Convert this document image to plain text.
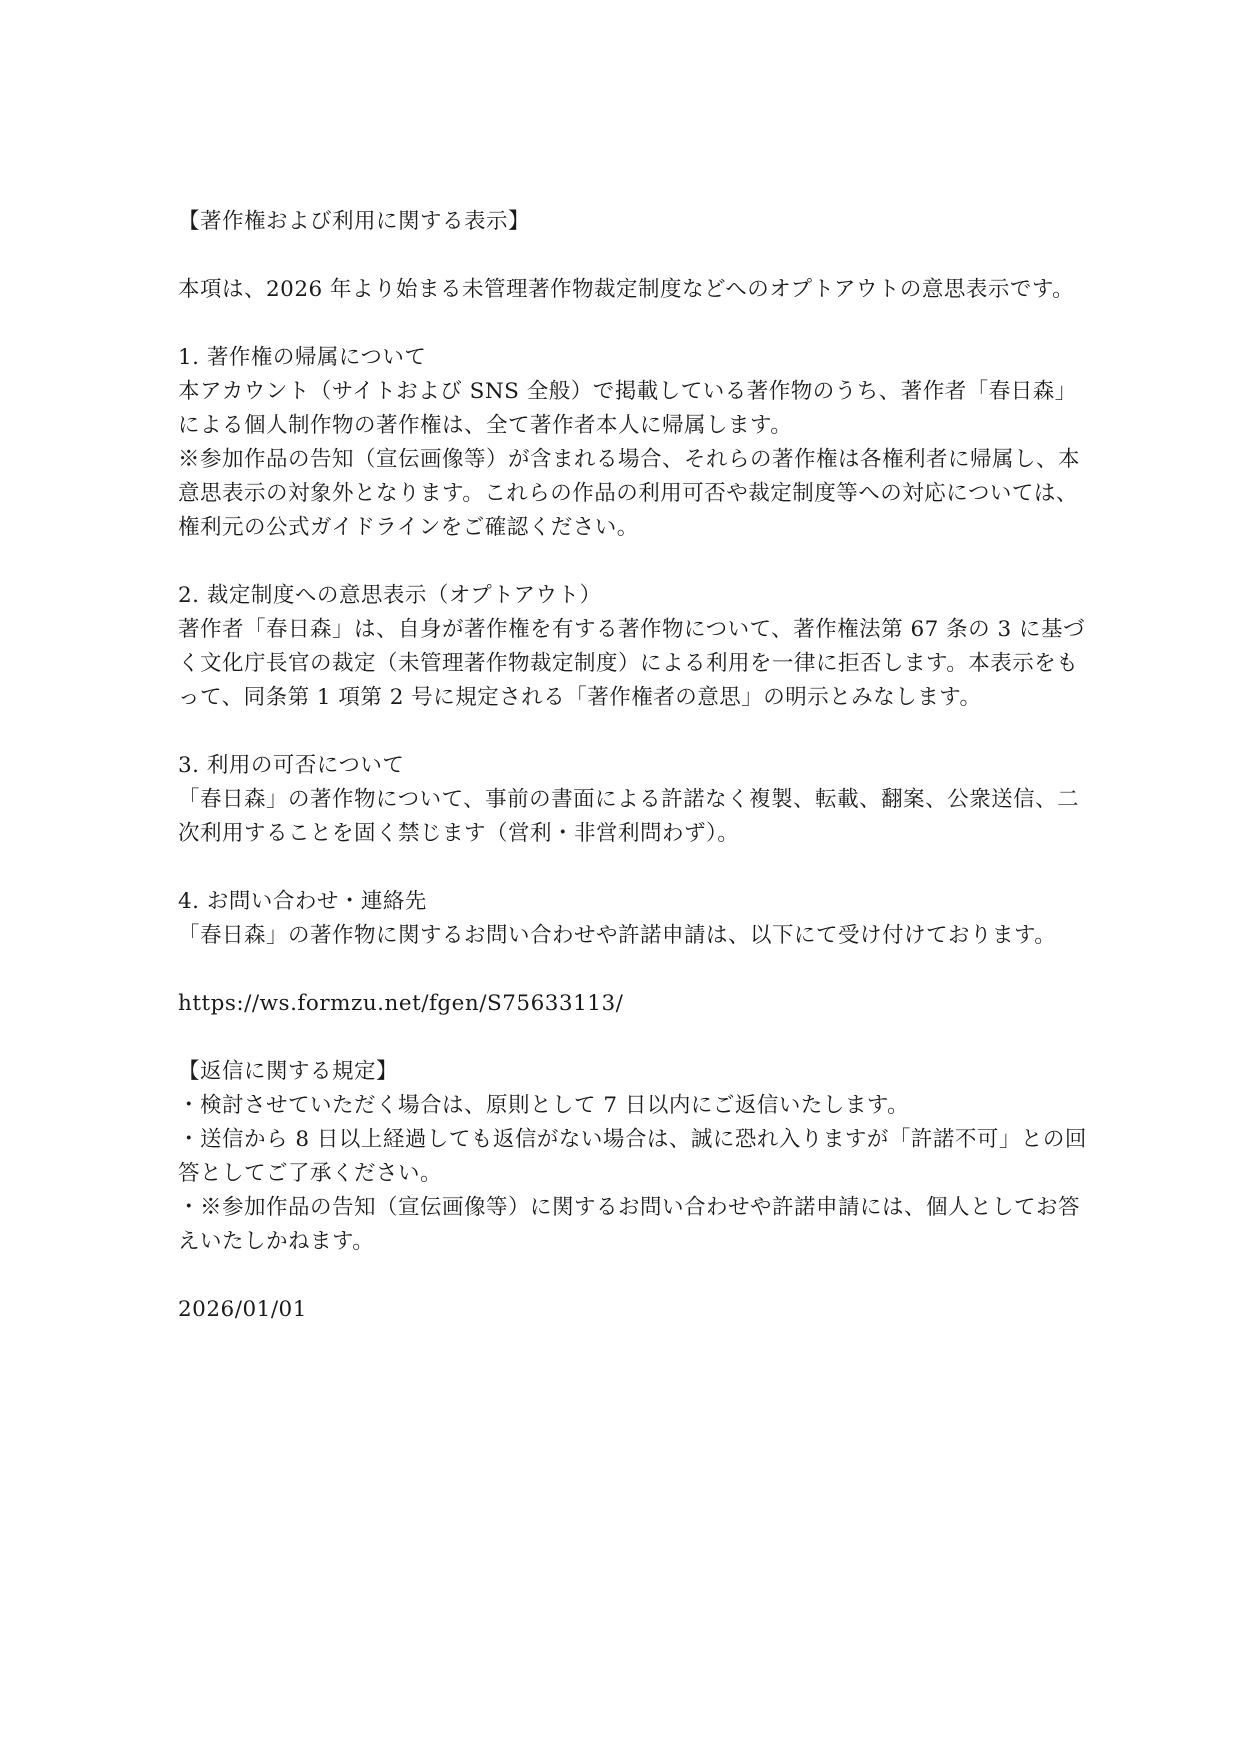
【著作権および利用に関する表示】

本項は、2026 年より始まる未管理著作物裁定制度などへのオプトアウトの意思表示です。

1. 著作権の帰属について

本アカウント（サイトおよび SNS 全般）で掲載している著作物のうち、著作者「春日森」

による個人制作物の著作権は、全て著作者本人に帰属します。

※参加作品の告知（宣伝画像等）が含まれる場合、それらの著作権は各権利者に帰属し、本

意思表示の対象外となります。これらの作品の利用可否や裁定制度等への対応については、

権利元の公式ガイドラインをご確認ください。

2. 裁定制度への意思表示（オプトアウト）

著作者「春日森」は、自身が著作権を有する著作物について、著作権法第 67 条の 3 に基づ

く文化庁長官の裁定（未管理著作物裁定制度）による利用を一律に拒否します。本表示をも

って、同条第 1 項第 2 号に規定される「著作権者の意思」の明示とみなします。

3. 利用の可否について

「春日森」の著作物について、事前の書面による許諾なく複製、転載、翻案、公衆送信、二

次利用することを固く禁じます（営利・非営利問わず）。

4. お問い合わせ・連絡先

「春日森」の著作物に関するお問い合わせや許諾申請は、以下にて受け付けております。

https://ws.formzu.net/fgen/S75633113/

【返信に関する規定】

・検討させていただく場合は、原則として 7 日以内にご返信いたします。

・送信から 8 日以上経過しても返信がない場合は、誠に恐れ入りますが「許諾不可」との回

答としてご了承ください。

・※参加作品の告知（宣伝画像等）に関するお問い合わせや許諾申請には、個人としてお答

えいたしかねます。

2026/01/01
